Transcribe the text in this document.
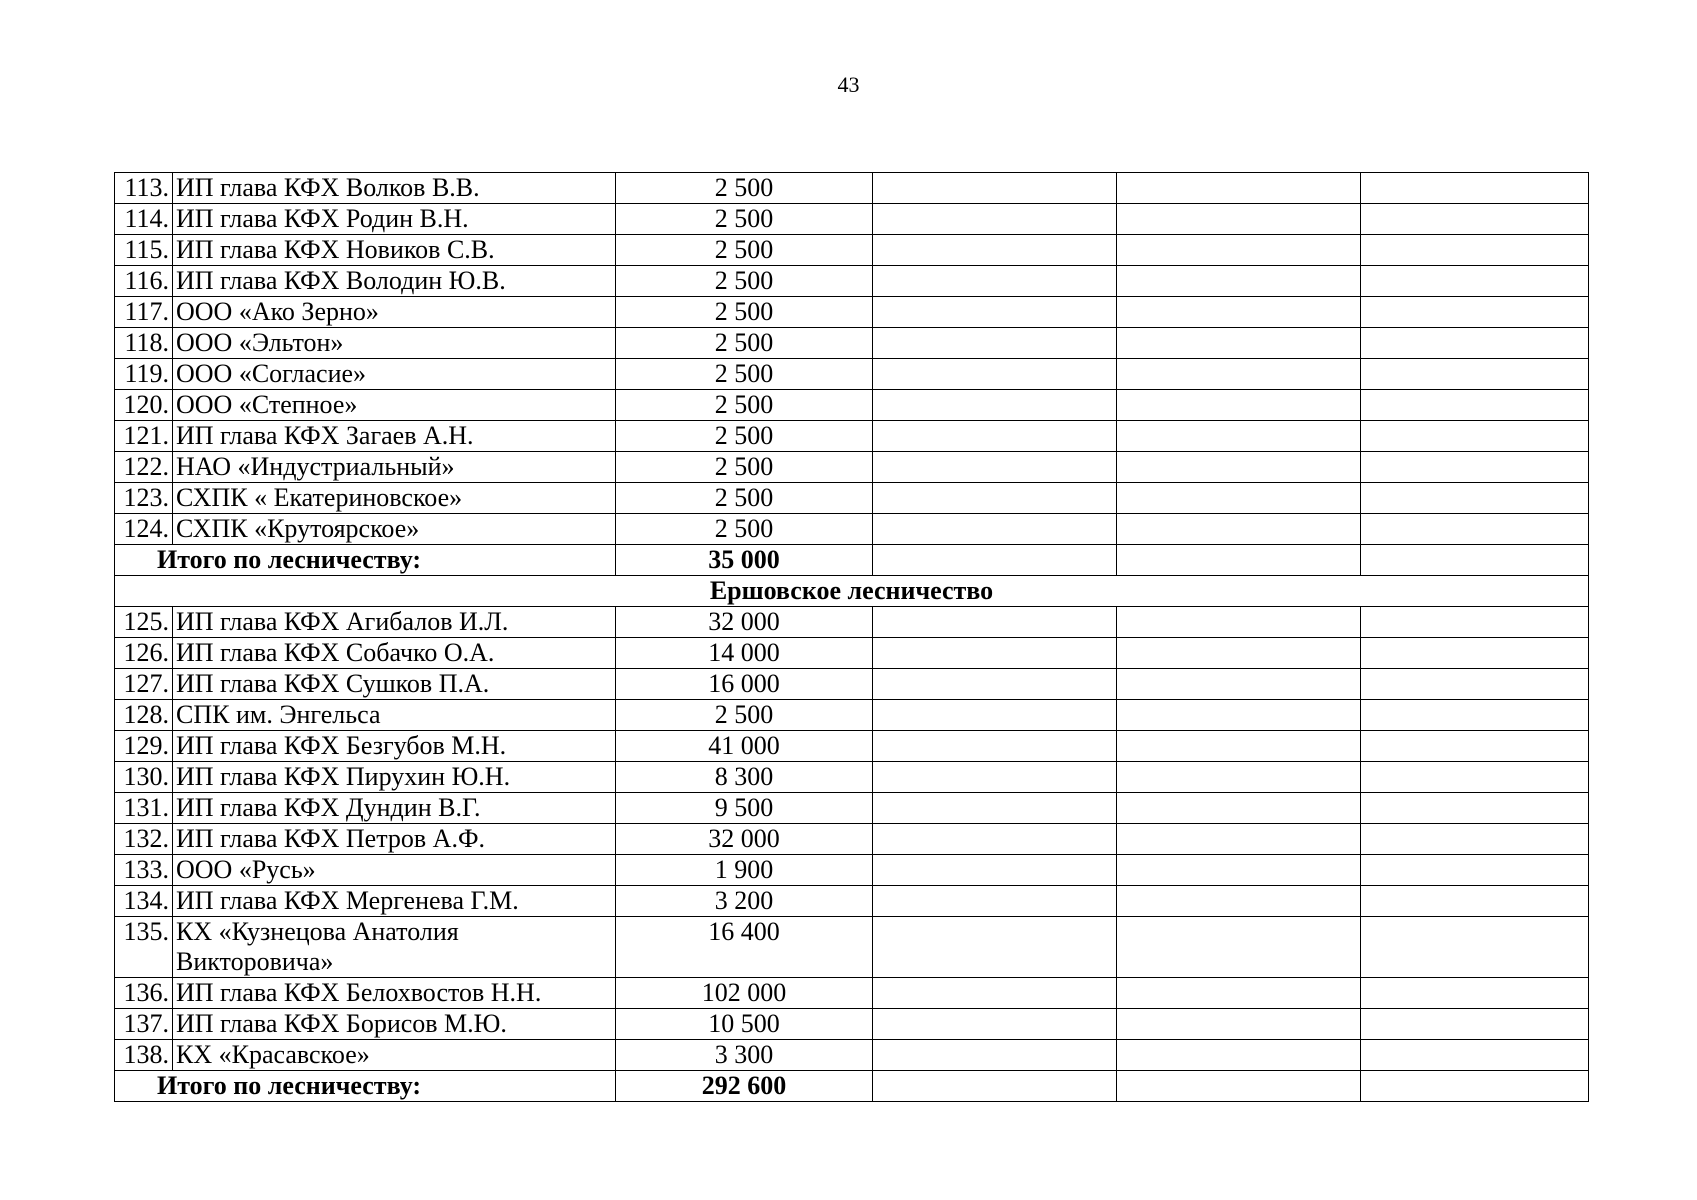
43
113.	ИП глава КФХ Волков В.В.	2 500			
114.	ИП глава КФХ Родин В.Н.	2 500			
115.	ИП глава КФХ Новиков С.В.	2 500			
116.	ИП глава КФХ Володин Ю.В.	2 500			
117.	ООО «Ако Зерно»	2 500			
118.	ООО «Эльтон»	2 500			
119.	ООО «Согласие»	2 500			
120.	ООО «Степное»	2 500			
121.	ИП глава КФХ Загаев А.Н.	2 500			
122.	НАО «Индустриальный»	2 500			
123.	СХПК « Екатериновское»	2 500			
124.	СХПК «Крутоярское»	2 500			
Итого по лесничеству:		35 000			
Ершовское лесничество					
125.	ИП глава КФХ Агибалов И.Л.	32 000			
126.	ИП глава КФХ Собачко О.А.	14 000			
127.	ИП глава КФХ Сушков П.А.	16 000			
128.	СПК им. Энгельса	2 500			
129.	ИП глава КФХ Безгубов М.Н.	41 000			
130.	ИП глава КФХ Пирухин Ю.Н.	8 300			
131.	ИП глава КФХ Дундин В.Г.	9 500			
132.	ИП глава КФХ Петров А.Ф.	32 000			
133.	ООО «Русь»	1 900			
134.	ИП глава КФХ Мергенева Г.М.	3 200			
135.	КХ «Кузнецова Анатолия Викторовича»	16 400			
136.	ИП глава КФХ Белохвостов Н.Н.	102 000			
137.	ИП глава КФХ Борисов М.Ю.	10 500			
138.	КХ «Красавское»	3 300			
Итого по лесничеству:		292 600			
